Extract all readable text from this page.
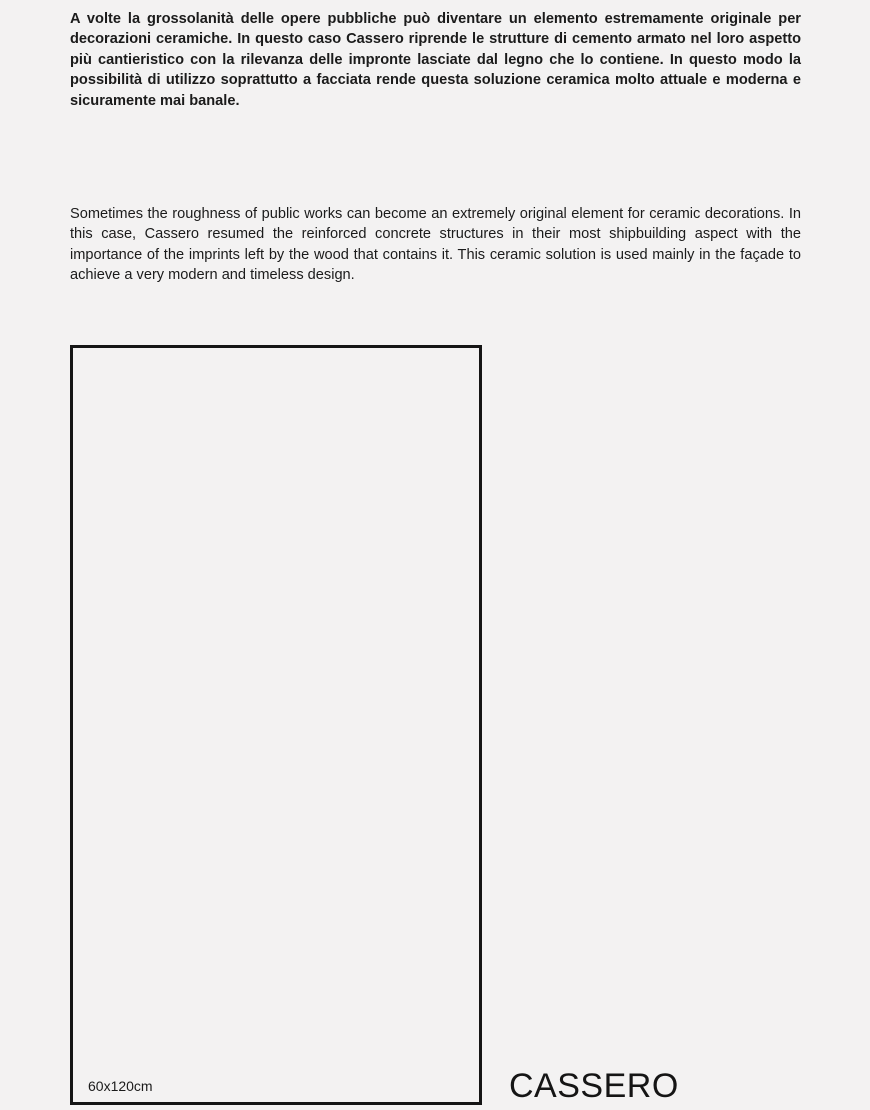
A volte la grossolanità delle opere pubbliche può diventare un elemento estremamente originale per decorazioni ceramiche. In questo caso Cassero riprende le strutture di cemento armato nel loro aspetto più cantieristico con la rilevanza delle impronte lasciate dal legno che lo contiene. In questo modo la possibilità di utilizzo soprattutto a facciata rende questa soluzione ceramica molto attuale e moderna e sicuramente mai banale.

Sometimes the roughness of public works can become an extremely original element for ceramic decorations. In this case, Cassero resumed the reinforced concrete structures in their most shipbuilding aspect with the importance of the imprints left by the wood that contains it. This ceramic solution is used mainly in the façade to achieve a very modern and timeless design.

60x120cm	CASSERO
